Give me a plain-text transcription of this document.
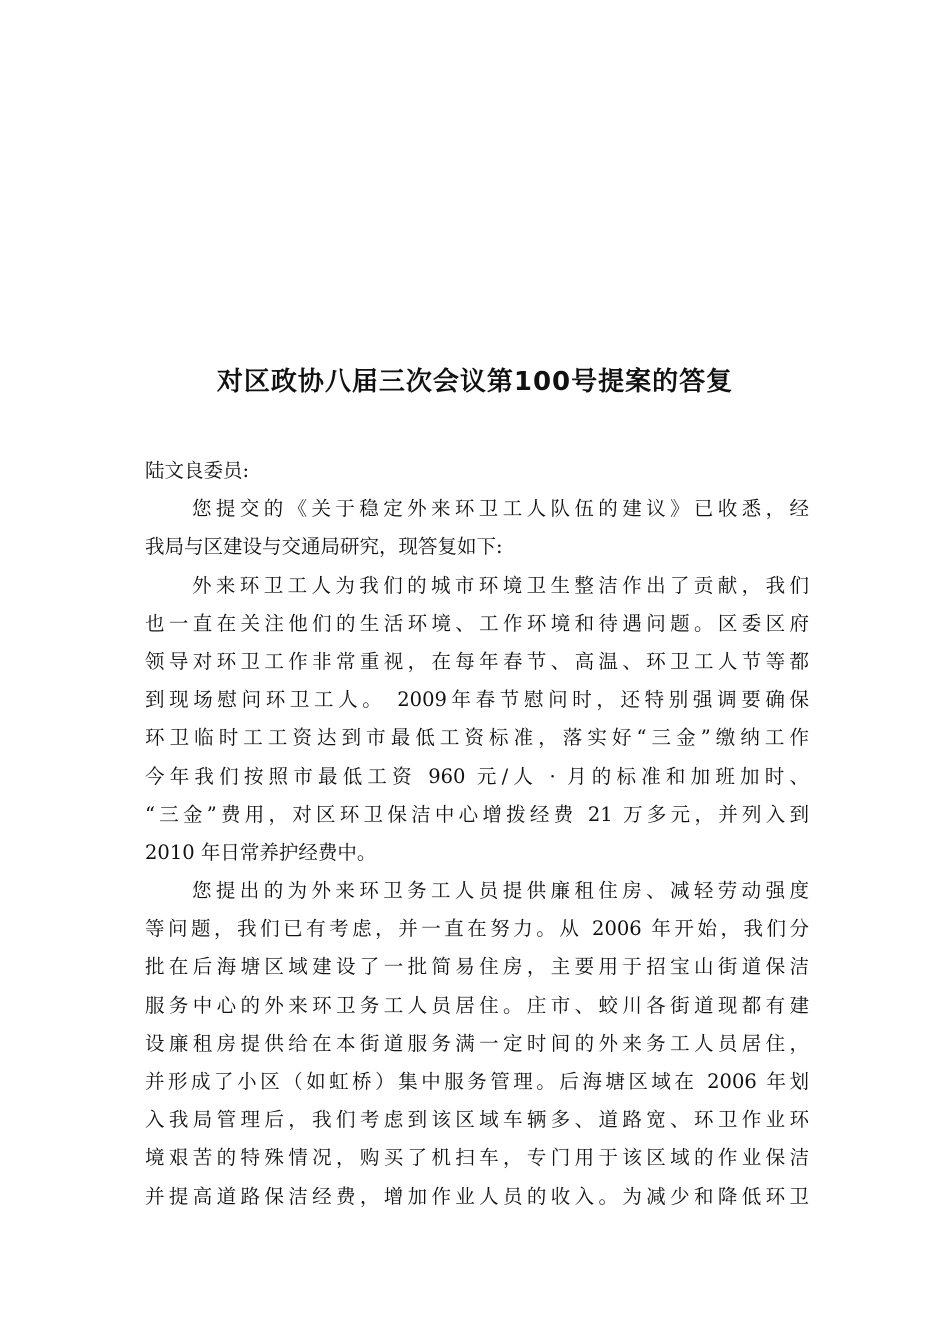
对区政协八届三次会议第100号提案的答复
陆文良委员:
您提交的《关于稳定外来环卫工人队伍的建议》已收悉，经
我局与区建设与交通局研究，现答复如下:
外来环卫工人为我们的城市环境卫生整洁作出了贡献，我们
也一直在关注他们的生活环境、工作环境和待遇问题。区委区府
领导对环卫工作非常重视，在每年春节、高温、环卫工人节等都
到现场慰问环卫工人。 2009年春节慰问时，还特别强调要确保
环卫临时工工资达到市最低工资标准，落实好“三金”缴纳工作
今年我们按照市最低工资 960 元/人 · 月的标准和加班加时、
“三金”费用，对区环卫保洁中心增拨经费 21 万多元，并列入到
2010 年日常养护经费中。
您提出的为外来环卫务工人员提供廉租住房、减轻劳动强度
等问题，我们已有考虑，并一直在努力。从 2006 年开始，我们分
批在后海塘区域建设了一批简易住房，主要用于招宝山街道保洁
服务中心的外来环卫务工人员居住。庄市、蛟川各街道现都有建
设廉租房提供给在本街道服务满一定时间的外来务工人员居住，
并形成了小区（如虹桥）集中服务管理。后海塘区域在 2006 年划
入我局管理后，我们考虑到该区域车辆多、道路宽、环卫作业环
境艰苦的特殊情况，购买了机扫车，专门用于该区域的作业保洁
并提高道路保洁经费，增加作业人员的收入。为减少和降低环卫
